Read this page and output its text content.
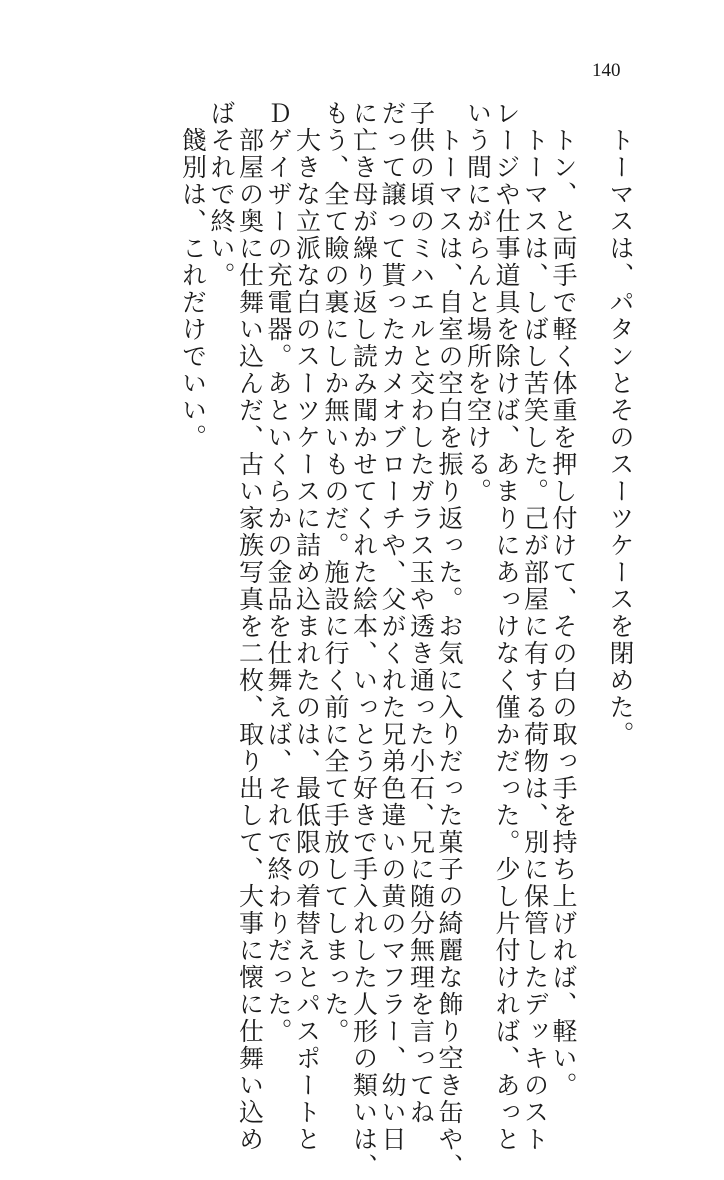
140
　トーマスは、パタンとそのスーツケースを閉めた。

　トン、と両手で軽く体重を押し付けて、その白の取っ手を持ち上げれば、軽い。
　トーマスは、しばし苦笑した。己が部屋に有する荷物は、別に保管したデッキのスト
レージや仕事道具を除けば、あまりにあっけなく僅かだった。少し片付ければ、あっと
いう間にがらんと場所を空ける。
　トーマスは、自室の空白を振り返った。お気に入りだった菓子の綺麗な飾り空き缶や、
子供の頃のミハエルと交わしたガラス玉や透き通った小石、兄に随分無理を言ってね
だって譲って貰ったカメオブローチや、父がくれた兄弟色違いの黄のマフラー、幼い日
に亡き母が繰り返し読み聞かせてくれた絵本、いっとう好きで手入れした人形の類いは、
もう、全て瞼の裏にしか無いものだ。施設に行く前に全て手放してしまった。
　大きな立派な白のスーツケースに詰め込まれたのは、最低限の着替えとパスポートと
Ｄゲイザーの充電器。あといくらかの金品を仕舞えば、それで終わりだった。
　部屋の奥に仕舞い込んだ、古い家族写真を二枚、取り出して、大事に懐に仕舞い込め
ばそれで終い。
　餞別は、これだけでいい。
